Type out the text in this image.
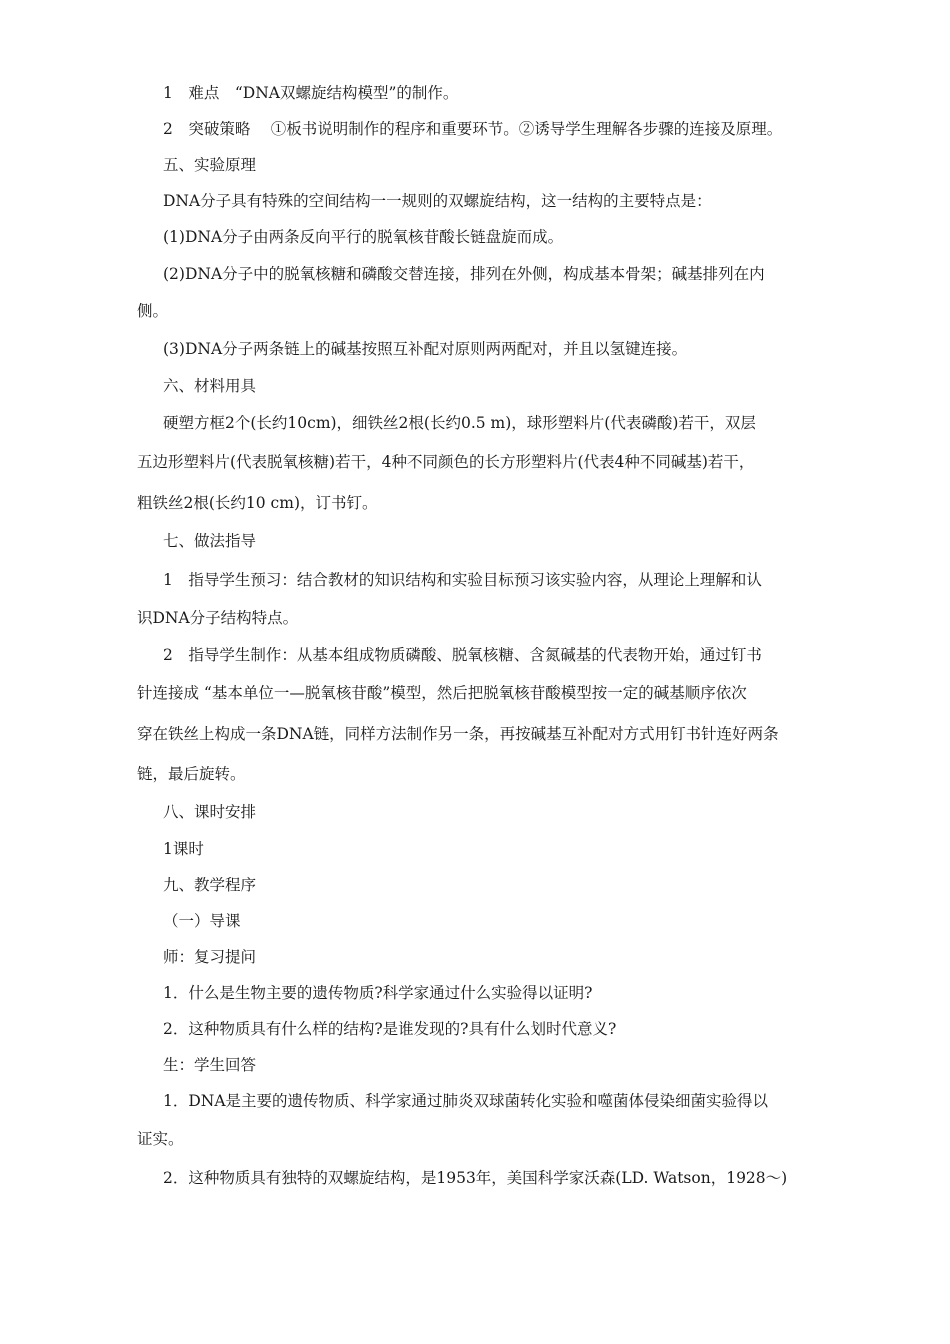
1　难点　“DNA双螺旋结构模型”的制作。
2　突破策略　 ①板书说明制作的程序和重要环节。②诱导学生理解各步骤的连接及原理。
五、实验原理
DNA分子具有特殊的空间结构一一规则的双螺旋结构，这一结构的主要特点是：
(1)DNA分子由两条反向平行的脱氧核苷酸长链盘旋而成。
(2)DNA分子中的脱氧核糖和磷酸交替连接，排列在外侧，构成基本骨架；碱基排列在内
侧。
(3)DNA分子两条链上的碱基按照互补配对原则两两配对，并且以氢键连接。
六、材料用具
硬塑方框2个(长约10cm)，细铁丝2根(长约0.5 m)，球形塑料片(代表磷酸)若干，双层
五边形塑料片(代表脱氧核糖)若干，4种不同颜色的长方形塑料片(代表4种不同碱基)若干，
粗铁丝2根(长约10 cm)，订书钉。
七、做法指导
1　指导学生预习：结合教材的知识结构和实验目标预习该实验内容，从理论上理解和认
识DNA分子结构特点。
2　指导学生制作：从基本组成物质磷酸、脱氧核糖、含氮碱基的代表物开始，通过钉书
针连接成 “基本单位一—脱氧核苷酸”模型，然后把脱氧核苷酸模型按一定的碱基顺序依次
穿在铁丝上构成一条DNA链，同样方法制作另一条，再按碱基互补配对方式用钉书针连好两条
链，最后旋转。
八、课时安排
1课时
九、教学程序
（一）导课
师：复习提问
1．什么是生物主要的遗传物质?科学家通过什么实验得以证明?
2．这种物质具有什么样的结构?是谁发现的?具有什么划时代意义?
生：学生回答
1．DNA是主要的遗传物质、科学家通过肺炎双球菌转化实验和噬菌体侵染细菌实验得以
证实。
2．这种物质具有独特的双螺旋结构，是1953年，美国科学家沃森(LD. Watson，1928～)
